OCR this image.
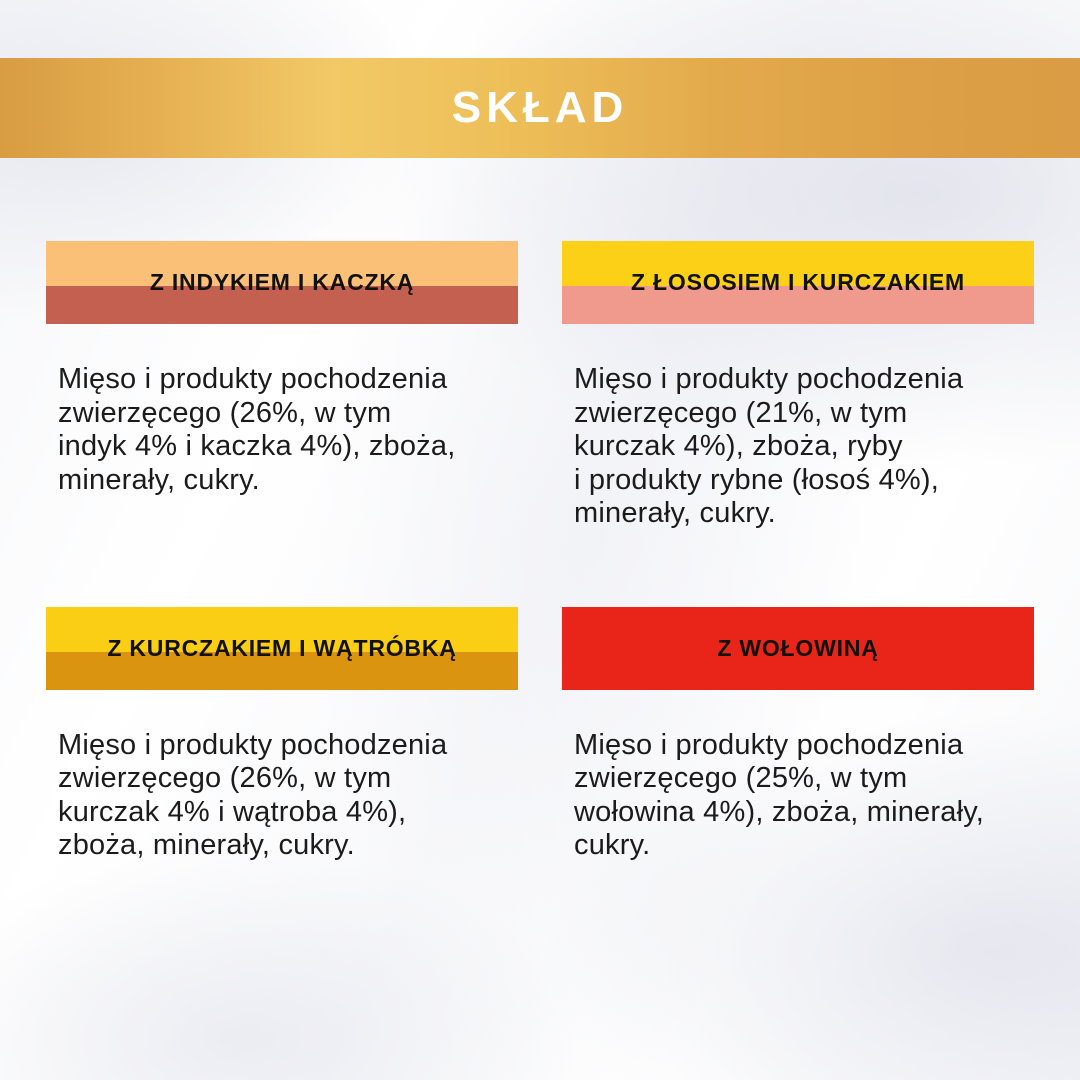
SKŁAD
Z INDYKIEM I KACZKĄ

Mięso i produkty pochodzenia
zwierzęcego (26%, w tym
indyk 4% i kaczka 4%), zboża,
minerały, cukry.

Z ŁOSOSIEM I KURCZAKIEM

Mięso i produkty pochodzenia
zwierzęcego (21%, w tym
kurczak 4%), zboża, ryby
i produkty rybne (łosoś 4%),
minerały, cukry.

Z KURCZAKIEM I WĄTRÓBKĄ

Mięso i produkty pochodzenia
zwierzęcego (26%, w tym
kurczak 4% i wątroba 4%),
zboża, minerały, cukry.

Z WOŁOWINĄ

Mięso i produkty pochodzenia
zwierzęcego (25%, w tym
wołowina 4%), zboża, minerały,
cukry.
